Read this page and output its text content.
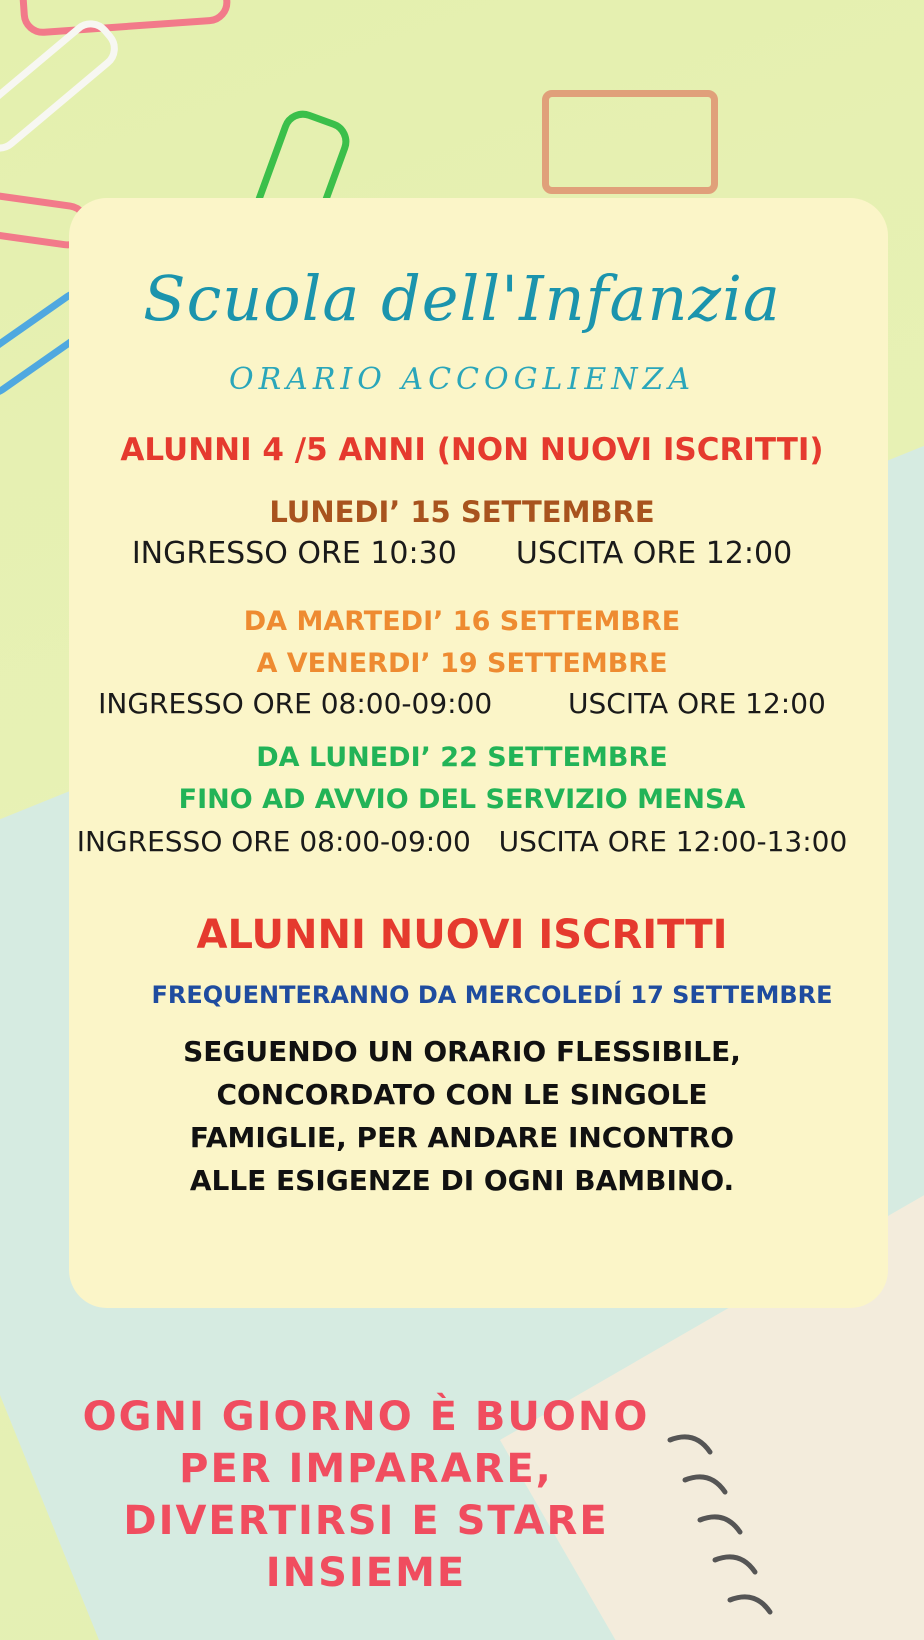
Scuola dell'Infanzia
ORARIO ACCOGLIENZA
ALUNNI 4 /5 ANNI (NON NUOVI ISCRITTI)
LUNEDI’ 15 SETTEMBRE
INGRESSO ORE 10:30 USCITA ORE 12:00
DA MARTEDI’ 16 SETTEMBRE
A VENERDI’ 19 SETTEMBRE
INGRESSO ORE 08:00-09:00	USCITA ORE 12:00
DA LUNEDI’ 22 SETTEMBRE
FINO AD AVVIO DEL SERVIZIO MENSA
INGRESSO ORE 08:00-09:00 USCITA ORE 12:00-13:00
ALUNNI NUOVI ISCRITTI
FREQUENTERANNO DA MERCOLEDÍ 17 SETTEMBRE
SEGUENDO UN ORARIO FLESSIBILE,
CONCORDATO CON LE SINGOLE
FAMIGLIE, PER ANDARE INCONTRO
ALLE ESIGENZE DI OGNI BAMBINO.
OGNI GIORNO È BUONO
PER IMPARARE,
DIVERTIRSI E STARE
INSIEME
